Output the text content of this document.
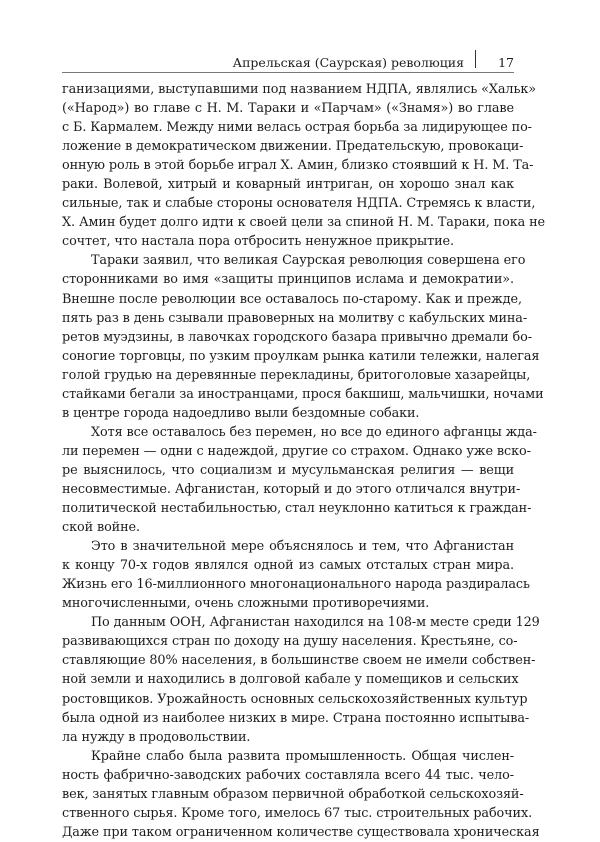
Апрельская (Саурская) революция	17
ганизациями, выступавшими под названием НДПА, являлись «Хальк»
(«Народ») во главе с Н. М. Тараки и «Парчам» («Знамя») во главе
с Б. Кармалем. Между ними велась острая борьба за лидирующее по-
ложение в демократическом движении. Предательскую, провокаци-
онную роль в этой борьбе играл Х. Амин, близко стоявший к Н. М. Та-
раки. Волевой, хитрый и коварный интриган, он хорошо знал как
сильные, так и слабые стороны основателя НДПА. Стремясь к власти,
Х. Амин будет долго идти к своей цели за спиной Н. М. Тараки, пока не
сочтет, что настала пора отбросить ненужное прикрытие.
Тараки заявил, что великая Саурская революция совершена его
сторонниками во имя «защиты принципов ислама и демократии».
Внешне после революции все оставалось по-старому. Как и прежде,
пять раз в день сзывали правоверных на молитву с кабульских мина-
ретов муэдзины, в лавочках городского базара привычно дремали бо-
соногие торговцы, по узким проулкам рынка катили тележки, налегая
голой грудью на деревянные перекладины, бритоголовые хазарейцы,
стайками бегали за иностранцами, прося бакшиш, мальчишки, ночами
в центре города надоедливо выли бездомные собаки.
Хотя все оставалось без перемен, но все до единого афганцы жда-
ли перемен — одни с надеждой, другие со страхом. Однако уже вско-
ре выяснилось, что социализм и мусульманская религия — вещи
несовместимые. Афганистан, который и до этого отличался внутри-
политической нестабильностью, стал неуклонно катиться к граждан-
ской войне.
Это в значительной мере объяснялось и тем, что Афганистан
к концу 70-х годов являлся одной из самых отсталых стран мира.
Жизнь его 16-миллионного многонационального народа раздиралась
многочисленными, очень сложными противоречиями.
По данным ООН, Афганистан находился на 108-м месте среди 129
развивающихся стран по доходу на душу населения. Крестьяне, со-
ставляющие 80% населения, в большинстве своем не имели собствен-
ной земли и находились в долговой кабале у помещиков и сельских
ростовщиков. Урожайность основных сельскохозяйственных культур
была одной из наиболее низких в мире. Страна постоянно испытыва-
ла нужду в продовольствии.
Крайне слабо была развита промышленность. Общая числен-
ность фабрично-заводских рабочих составляла всего 44 тыс. чело-
век, занятых главным образом первичной обработкой сельскохозяй-
ственного сырья. Кроме того, имелось 67 тыс. строительных рабочих.
Даже при таком ограниченном количестве существовала хроническая
